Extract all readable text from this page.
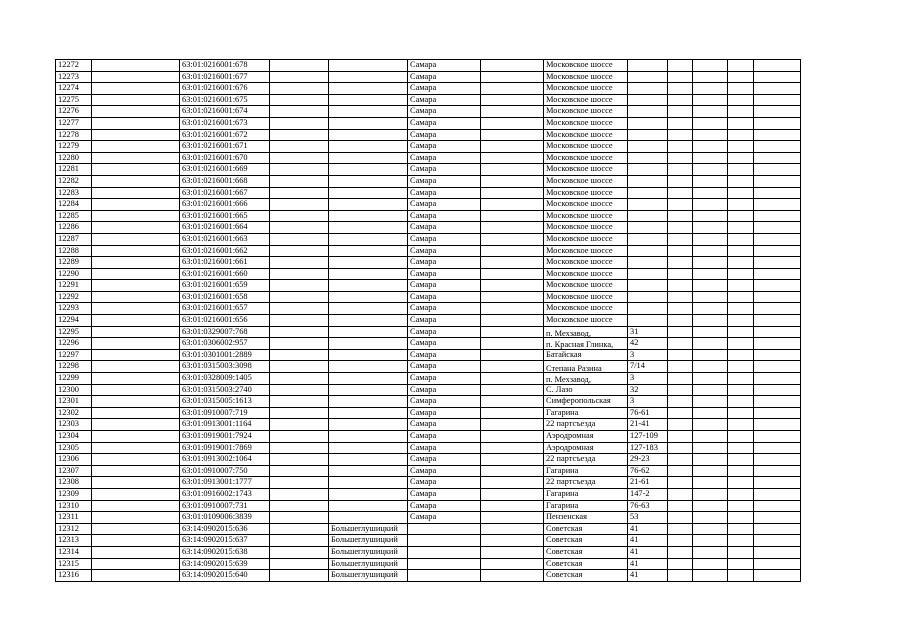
12272		63:01:0216001:678			Самара		Московское шоссе					
12273		63:01:0216001:677			Самара		Московское шоссе					
12274		63:01:0216001:676			Самара		Московское шоссе					
12275		63:01:0216001:675			Самара		Московское шоссе					
12276		63:01:0216001:674			Самара		Московское шоссе					
12277		63:01:0216001:673			Самара		Московское шоссе					
12278		63:01:0216001:672			Самара		Московское шоссе					
12279		63:01:0216001:671			Самара		Московское шоссе					
12280		63:01:0216001:670			Самара		Московское шоссе					
12281		63:01:0216001:669			Самара		Московское шоссе					
12282		63:01:0216001:668			Самара		Московское шоссе					
12283		63:01:0216001:667			Самара		Московское шоссе					
12284		63:01:0216001:666			Самара		Московское шоссе					
12285		63:01:0216001:665			Самара		Московское шоссе					
12286		63:01:0216001:664			Самара		Московское шоссе					
12287		63:01:0216001:663			Самара		Московское шоссе					
12288		63:01:0216001:662			Самара		Московское шоссе					
12289		63:01:0216001:661			Самара		Московское шоссе					
12290		63:01:0216001:660			Самара		Московское шоссе					
12291		63:01:0216001:659			Самара		Московское шоссе					
12292		63:01:0216001:658			Самара		Московское шоссе					
12293		63:01:0216001:657			Самара		Московское шоссе					
12294		63:01:0216001:656			Самара		Московское шоссе					
12295		63:01:0329007:768			Самара		п. Мехзавод,	31				
12296		63:01:0306002:957			Самара		п. Красная Глинка,	42				
12297		63:01:0301001:2889			Самара		Батайская	3				
12298		63:01:0315003:3098			Самара		Степана Разина	7/14				
12299		63:01:0328009:1405			Самара		п. Мехзавод,	3				
12300		63:01:0315003:2740			Самара		С. Лазо	32				
12301		63:01:0315005:1613			Самара		Симферопольская	3				
12302		63:01:0910007:719			Самара		Гагарина	76-61				
12303		63:01:0913001:1164			Самара		22 партсъезда	21-41				
12304		63:01:0919001:7924			Самара		Аэродромная	127-109				
12305		63:01:0919001:7869			Самара		Аэродромная	127-183				
12306		63:01:0913002:1064			Самара		22 партсъезда	29-23				
12307		63:01:0910007:750			Самара		Гагарина	76-62				
12308		63:01:0913001:1777			Самара		22 партсъезда	21-61				
12309		63:01:0916002:1743			Самара		Гагарина	147-2				
12310		63:01:0910007:731			Самара		Гагарина	76-63				
12311		63:01:0109006:3839			Самара		Пензенская	53				
12312		63:14:0902015:636		Большеглушицкий			Советская	41				
12313		63:14:0902015:637		Большеглушицкий			Советская	41				
12314		63:14:0902015:638		Большеглушицкий			Советская	41				
12315		63:14:0902015:639		Большеглушицкий			Советская	41				
12316		63:14:0902015:640		Большеглушицкий			Советская	41				
